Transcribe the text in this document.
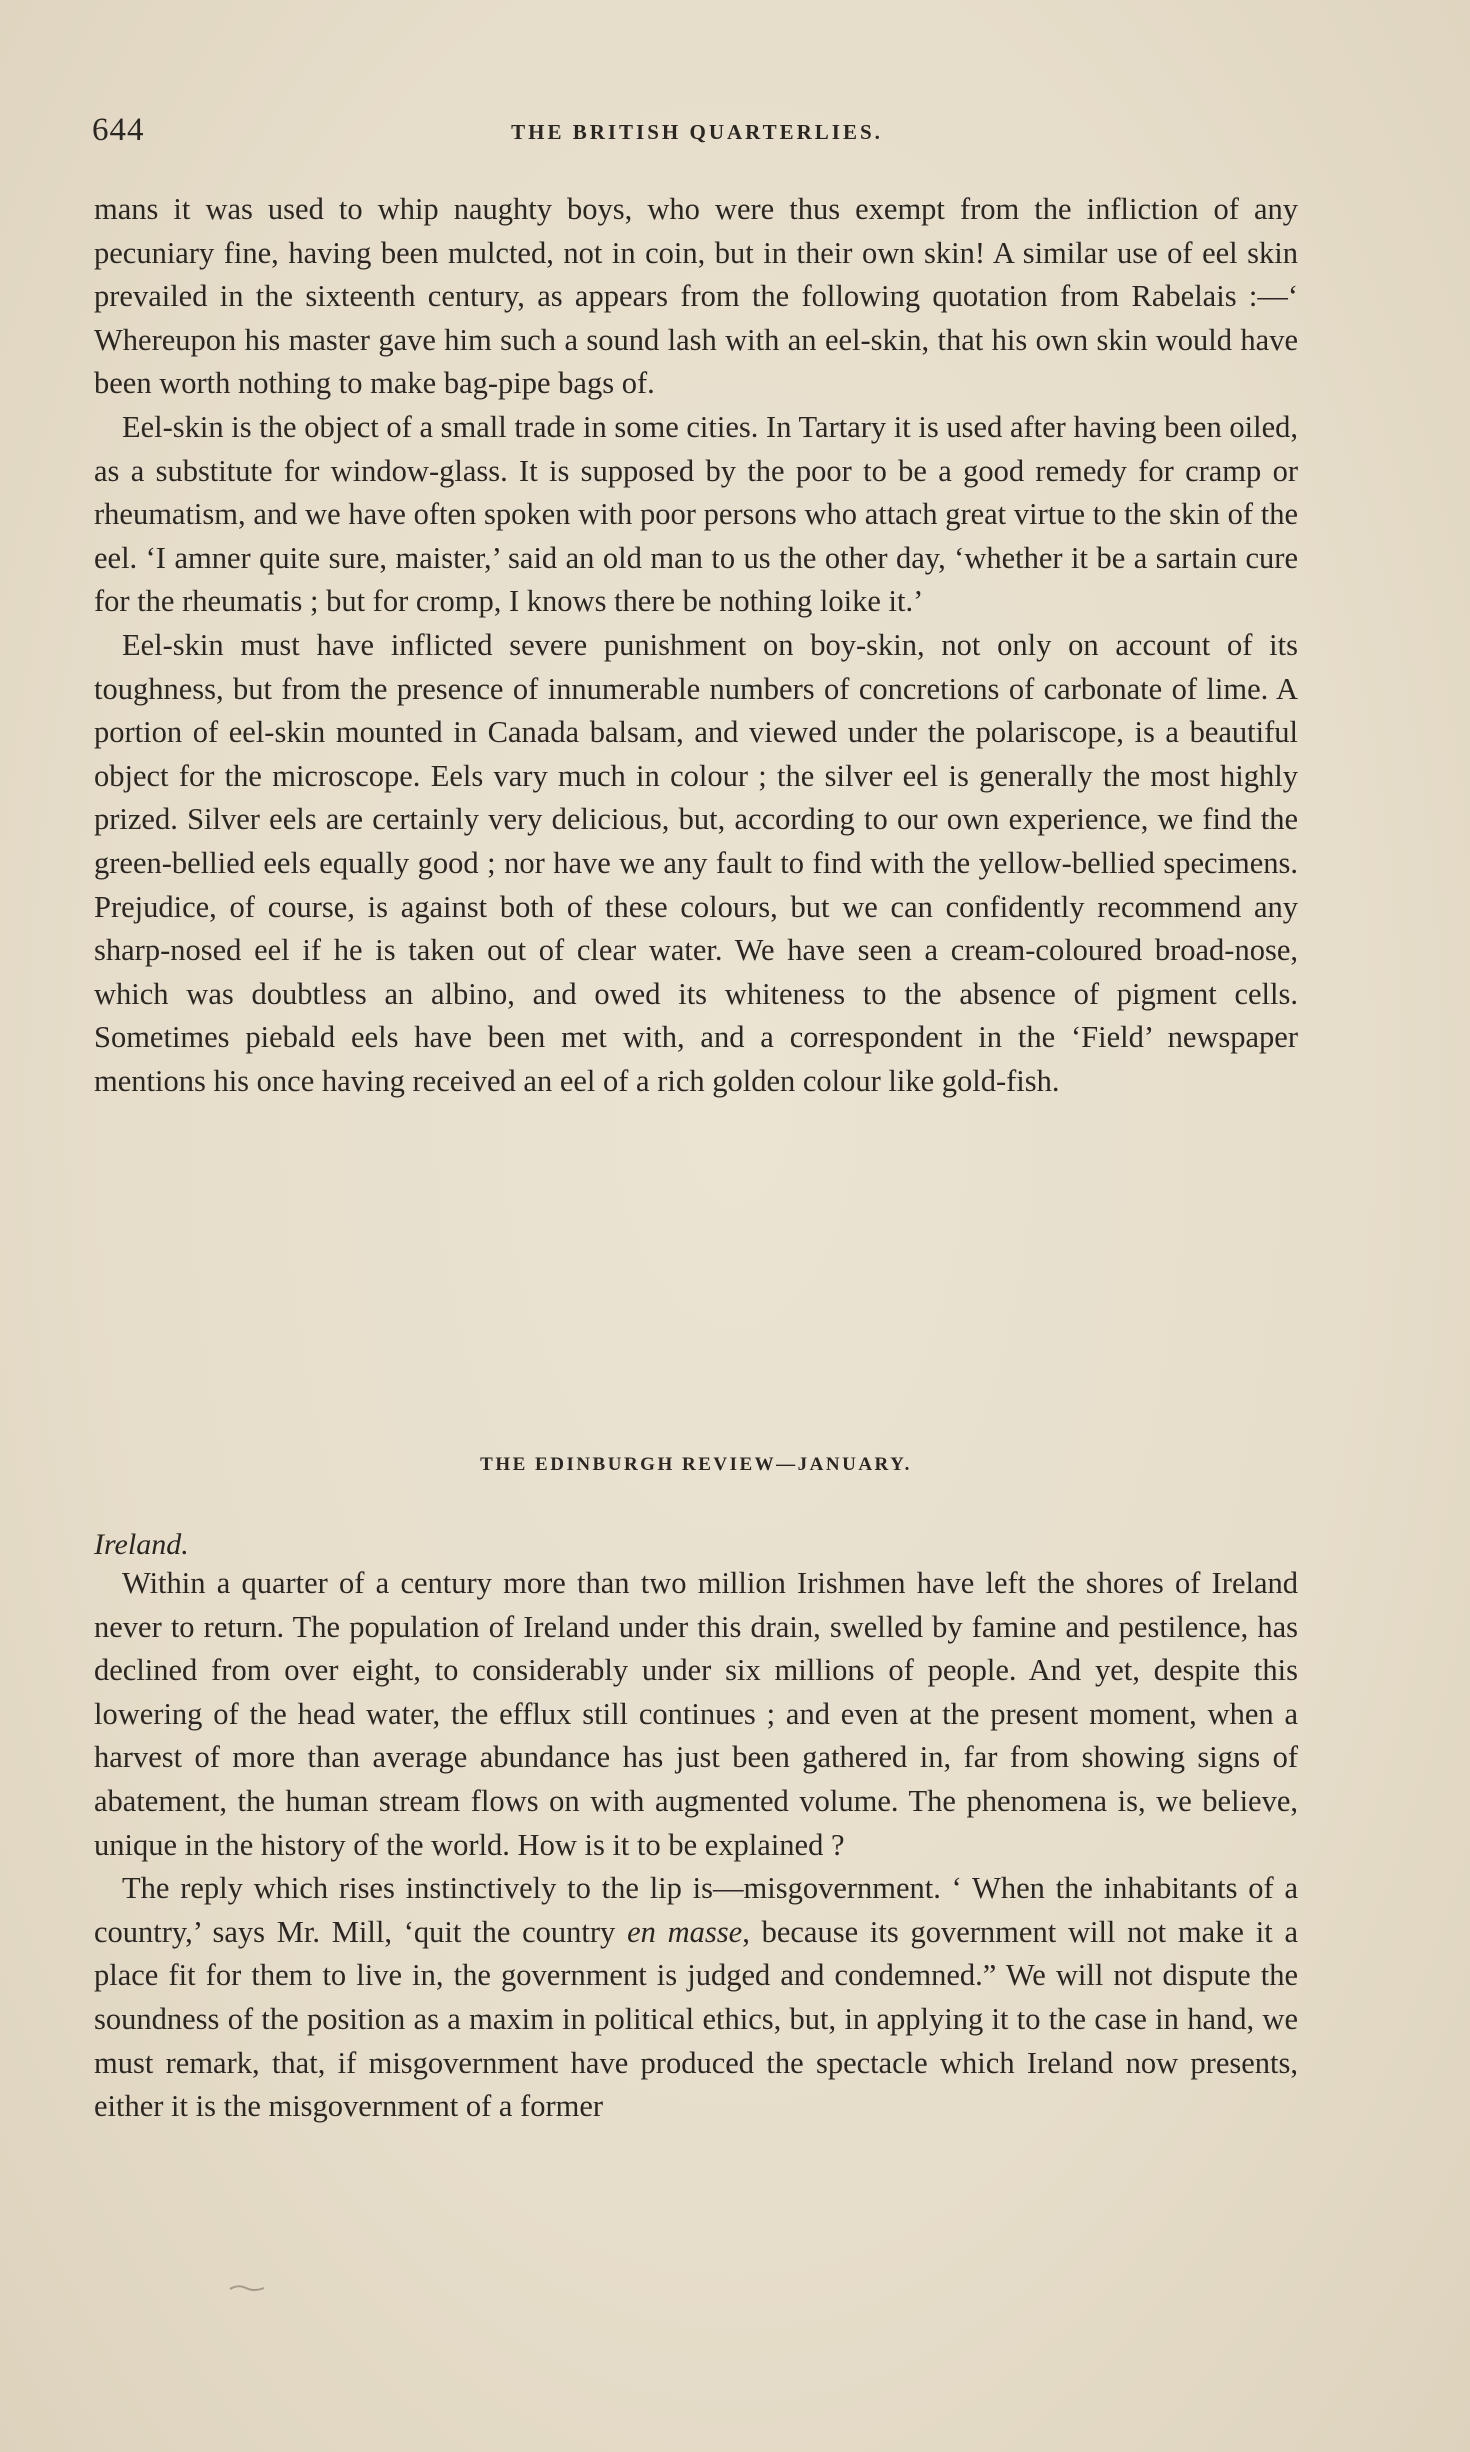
644	THE BRITISH QUARTERLIES.

mans it was used to whip naughty boys, who were thus exempt from the infliction of any pecuniary fine, having been mulcted, not in coin, but in their own skin! A similar use of eel skin prevailed in the sixteenth century, as appears from the following quotation from Rabelais :—‘ Whereupon his master gave him such a sound lash with an eel-skin, that his own skin would have been worth nothing to make bag-pipe bags of.

Eel-skin is the object of a small trade in some cities. In Tartary it is used after having been oiled, as a substitute for window-glass. It is supposed by the poor to be a good remedy for cramp or rheumatism, and we have often spoken with poor persons who attach great virtue to the skin of the eel. ‘I amner quite sure, maister,’ said an old man to us the other day, ‘whether it be a sartain cure for the rheumatis ; but for cromp, I knows there be nothing loike it.’

Eel-skin must have inflicted severe punishment on boy-skin, not only on account of its toughness, but from the presence of innumerable numbers of concretions of carbonate of lime. A portion of eel-skin mounted in Canada balsam, and viewed under the polariscope, is a beautiful object for the microscope. Eels vary much in colour ; the silver eel is generally the most highly prized. Silver eels are certainly very delicious, but, according to our own experience, we find the green-bellied eels equally good ; nor have we any fault to find with the yellow-bellied specimens. Prejudice, of course, is against both of these colours, but we can confidently recommend any sharp-nosed eel if he is taken out of clear water. We have seen a cream-coloured broad-nose, which was doubtless an albino, and owed its whiteness to the absence of pigment cells. Sometimes piebald eels have been met with, and a correspondent in the ‘Field’ newspaper mentions his once having received an eel of a rich golden colour like gold-fish.

THE EDINBURGH REVIEW—JANUARY.
Ireland.

Within a quarter of a century more than two million Irishmen have left the shores of Ireland never to return. The population of Ireland under this drain, swelled by famine and pestilence, has declined from over eight, to considerably under six millions of people. And yet, despite this lowering of the head water, the efflux still continues ; and even at the present moment, when a harvest of more than average abundance has just been gathered in, far from showing signs of abatement, the human stream flows on with augmented volume. The phenomena is, we believe, unique in the history of the world. How is it to be explained ?

The reply which rises instinctively to the lip is—misgovernment. ‘ When the inhabitants of a country,’ says Mr. Mill, ‘quit the country en masse, because its government will not make it a place fit for them to live in, the government is judged and condemned.” We will not dispute the soundness of the position as a maxim in political ethics, but, in applying it to the case in hand, we must remark, that, if misgovernment have produced the spectacle which Ireland now presents, either it is the misgovernment of a former
